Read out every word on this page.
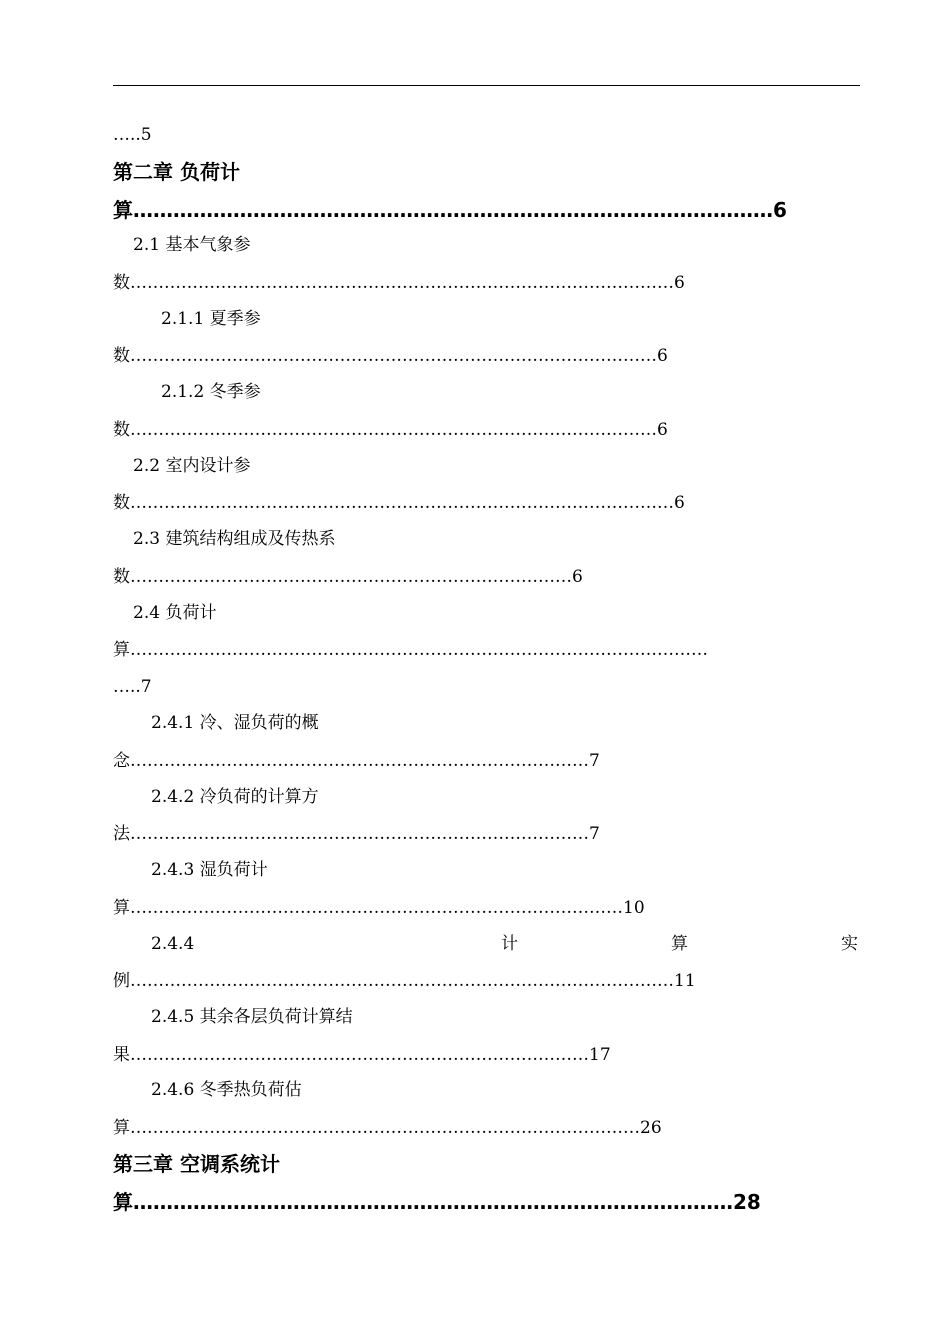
…..5
第二章 负荷计
算……………………………………………………………………………………6
2.1 基本气象参
数……………………………………………………………………………………6
2.1.1 夏季参
数…………………………………………………………………………………6
2.1.2 冬季参
数…………………………………………………………………………………6
2.2 室内设计参
数……………………………………………………………………………………6
2.3 建筑结构组成及传热系
数……………………………………………………………………6
2.4 负荷计
算…………………………………………………………………………………………
…..7
2.4.1 冷、湿负荷的概
念………………………………………………………………………7
2.4.2 冷负荷的计算方
法………………………………………………………………………7
2.4.3 湿负荷计
算……………………………………………………………………………10
2.4.4	计	算	实
例……………………………………………………………………………………11
2.4.5 其余各层负荷计算结
果………………………………………………………………………17
2.4.6 冬季热负荷估
算………………………………………………………………………………26
第三章 空调系统计
算………………………………………………………………………………28
